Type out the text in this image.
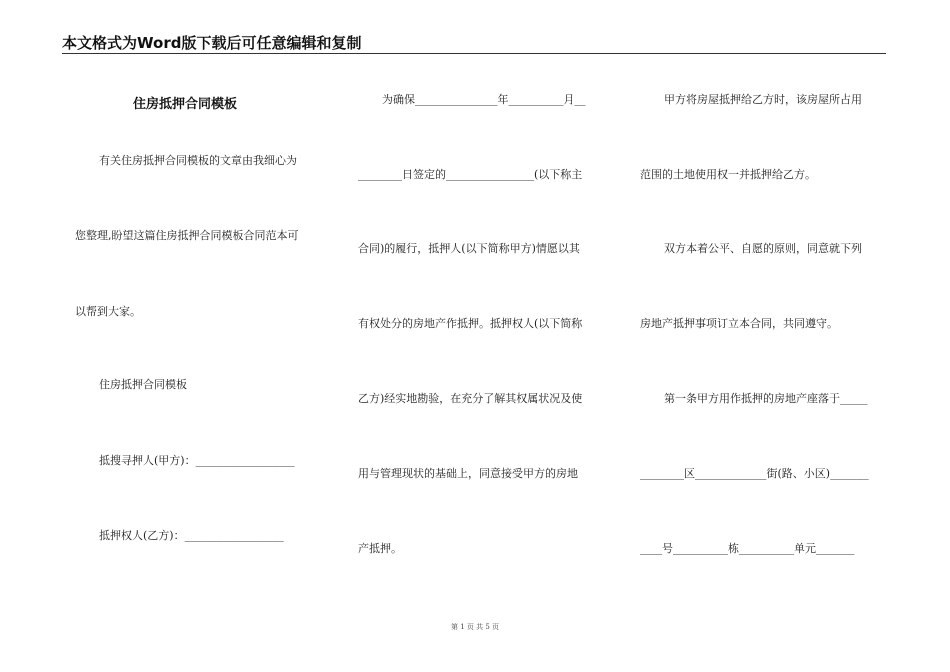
本文格式为Word版下载后可任意编辑和复制
住房抵押合同模板
有关住房抵押合同模板的文章由我细心为
您整理,盼望这篇住房抵押合同模板合同范本可
以帮到大家。
住房抵押合同模板
抵搜寻押人(甲方)：__________________
抵押权人(乙方)：__________________
为确保_______________年__________月__
________日签定的________________(以下称主
合同)的履行，抵押人(以下简称甲方)情愿以其
有权处分的房地产作抵押。抵押权人(以下简称
乙方)经实地勘验，在充分了解其权属状况及使
用与管理现状的基础上，同意接受甲方的房地
产抵押。
甲方将房屋抵押给乙方时，该房屋所占用
范围的土地使用权一并抵押给乙方。
双方本着公平、自愿的原则，同意就下列
房地产抵押事项订立本合同，共同遵守。
第一条甲方用作抵押的房地产座落于_____
________区_____________街(路、小区)_______
____号__________栋__________单元_______
第 1 页 共 5 页
